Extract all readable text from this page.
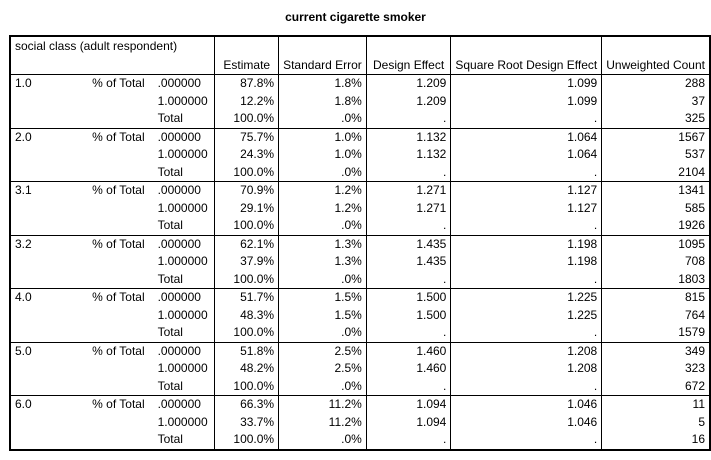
current cigarette smoker
social class (adult respondent)			Estimate	Standard Error	Design Effect	Square Root Design Effect	Unweighted Count
1.0	% of Total	.000000	87.8%	1.8%	1.209	1.099	288
		1.000000	12.2%	1.8%	1.209	1.099	37
		Total	100.0%	.0%	.	.	325
2.0	% of Total	.000000	75.7%	1.0%	1.132	1.064	1567
		1.000000	24.3%	1.0%	1.132	1.064	537
		Total	100.0%	.0%	.	.	2104
3.1	% of Total	.000000	70.9%	1.2%	1.271	1.127	1341
		1.000000	29.1%	1.2%	1.271	1.127	585
		Total	100.0%	.0%	.	.	1926
3.2	% of Total	.000000	62.1%	1.3%	1.435	1.198	1095
		1.000000	37.9%	1.3%	1.435	1.198	708
		Total	100.0%	.0%	.	.	1803
4.0	% of Total	.000000	51.7%	1.5%	1.500	1.225	815
		1.000000	48.3%	1.5%	1.500	1.225	764
		Total	100.0%	.0%	.	.	1579
5.0	% of Total	.000000	51.8%	2.5%	1.460	1.208	349
		1.000000	48.2%	2.5%	1.460	1.208	323
		Total	100.0%	.0%	.	.	672
6.0	% of Total	.000000	66.3%	11.2%	1.094	1.046	11
		1.000000	33.7%	11.2%	1.094	1.046	5
		Total	100.0%	.0%	.	.	16
